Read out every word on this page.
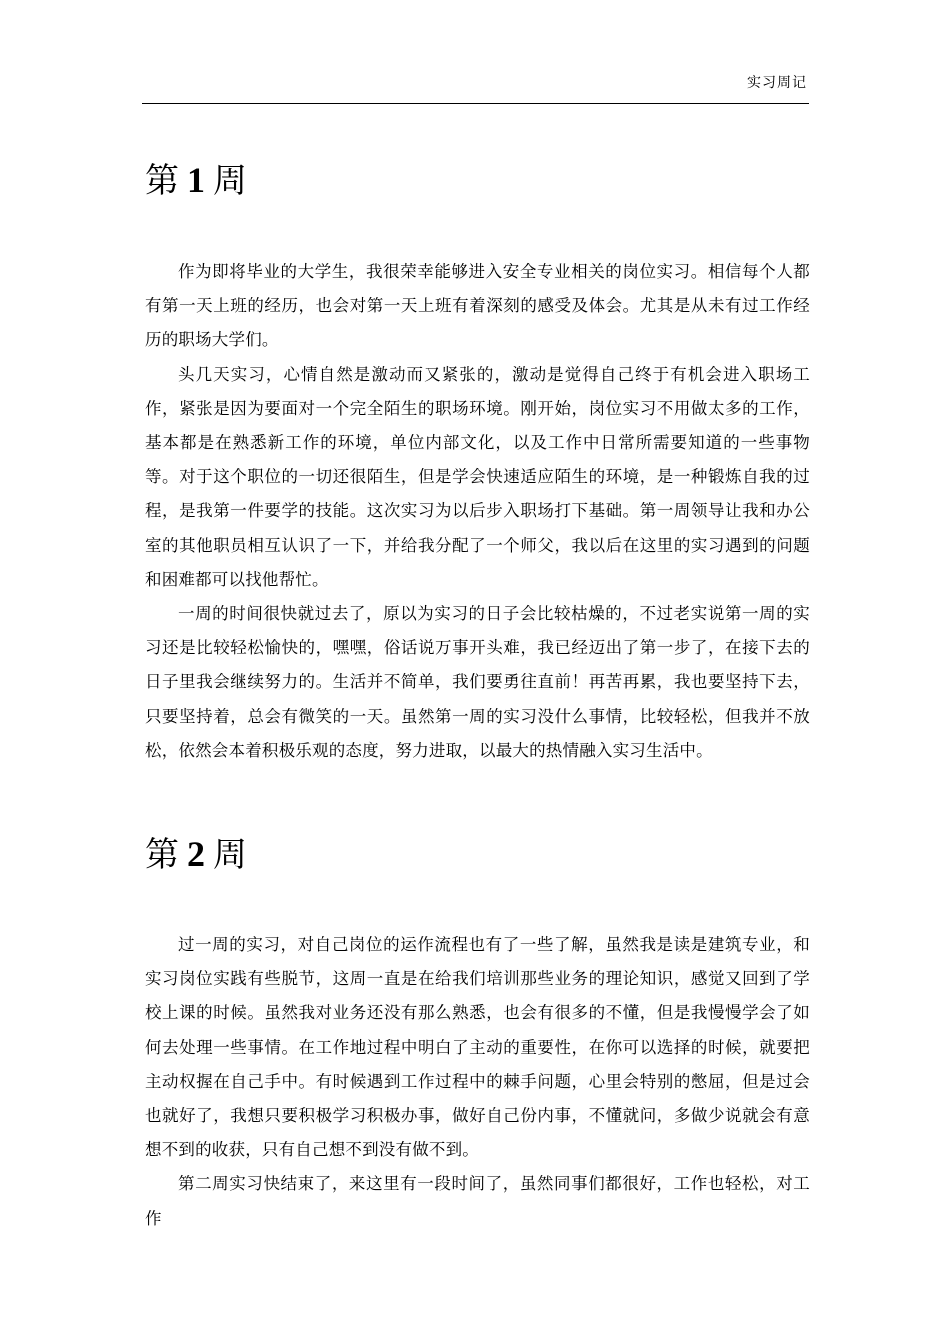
实习周记
第 1 周

作为即将毕业的大学生，我很荣幸能够进入安全专业相关的岗位实习。相信每个人都有第一天上班的经历，也会对第一天上班有着深刻的感受及体会。尤其是从未有过工作经历的职场大学们。

头几天实习，心情自然是激动而又紧张的，激动是觉得自己终于有机会进入职场工作，紧张是因为要面对一个完全陌生的职场环境。刚开始，岗位实习不用做太多的工作，基本都是在熟悉新工作的环境，单位内部文化，以及工作中日常所需要知道的一些事物等。对于这个职位的一切还很陌生，但是学会快速适应陌生的环境，是一种锻炼自我的过程，是我第一件要学的技能。这次实习为以后步入职场打下基础。第一周领导让我和办公室的其他职员相互认识了一下，并给我分配了一个师父，我以后在这里的实习遇到的问题和困难都可以找他帮忙。

一周的时间很快就过去了，原以为实习的日子会比较枯燥的，不过老实说第一周的实习还是比较轻松愉快的，嘿嘿，俗话说万事开头难，我已经迈出了第一步了，在接下去的日子里我会继续努力的。生活并不简单，我们要勇往直前！再苦再累，我也要坚持下去，只要坚持着，总会有微笑的一天。虽然第一周的实习没什么事情，比较轻松，但我并不放松，依然会本着积极乐观的态度，努力进取，以最大的热情融入实习生活中。

第 2 周

过一周的实习，对自己岗位的运作流程也有了一些了解，虽然我是读是建筑专业，和实习岗位实践有些脱节，这周一直是在给我们培训那些业务的理论知识，感觉又回到了学校上课的时候。虽然我对业务还没有那么熟悉，也会有很多的不懂，但是我慢慢学会了如何去处理一些事情。在工作地过程中明白了主动的重要性，在你可以选择的时候，就要把主动权握在自己手中。有时候遇到工作过程中的棘手问题，心里会特别的憋屈，但是过会也就好了，我想只要积极学习积极办事，做好自己份内事，不懂就问，多做少说就会有意想不到的收获，只有自己想不到没有做不到。

第二周实习快结束了，来这里有一段时间了，虽然同事们都很好，工作也轻松，对工作
